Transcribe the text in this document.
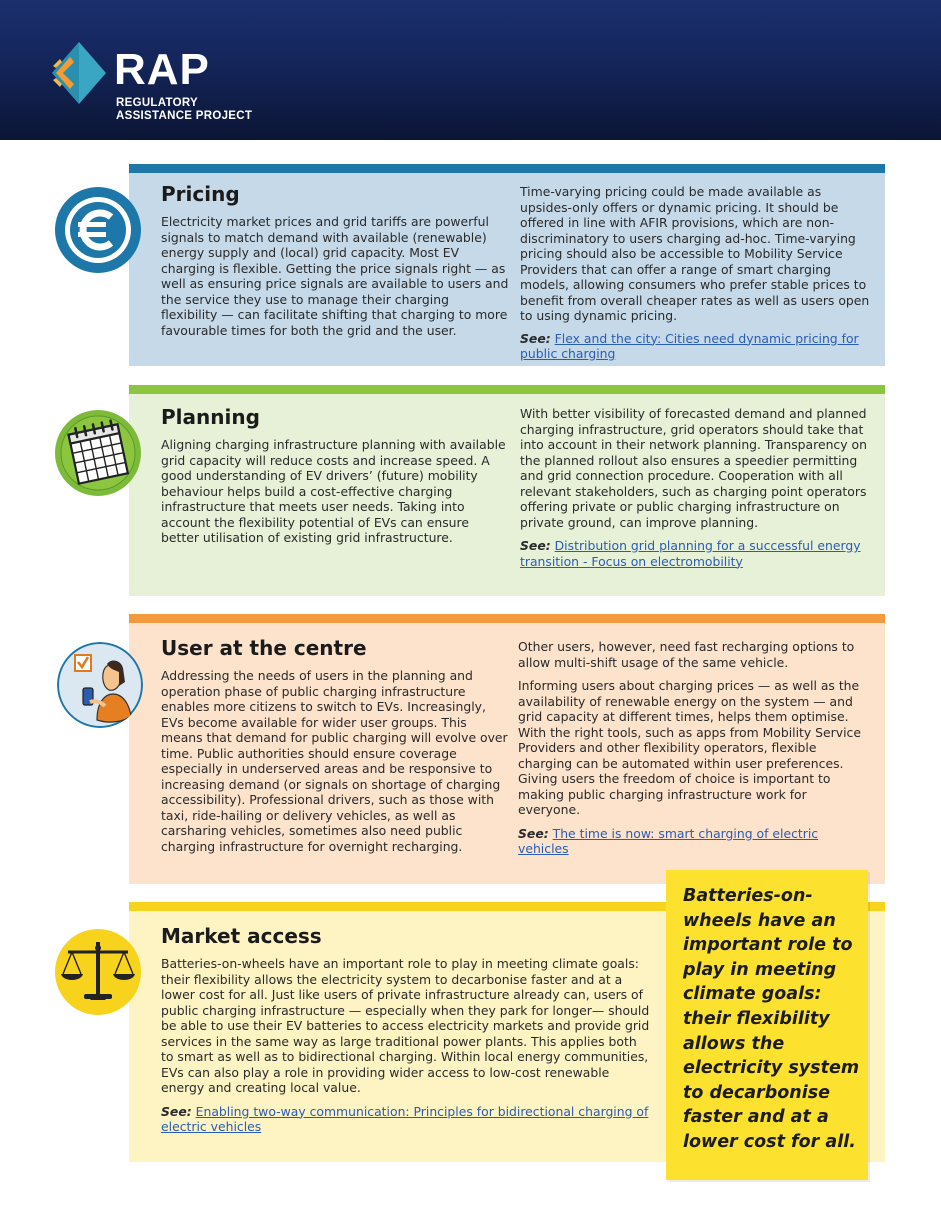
RAP
REGULATORY
ASSISTANCE PROJECT
Pricing

Electricity market prices and grid tariffs are powerful signals to match demand with available (renewable) energy supply and (local) grid capacity. Most EV charging is flexible. Getting the price signals right — as well as ensuring price signals are available to users and the service they use to manage their charging flexibility — can facilitate shifting that charging to more favourable times for both the grid and the user.

Time-varying pricing could be made available as upsides-only offers or dynamic pricing. It should be offered in line with AFIR provisions, which are non-discriminatory to users charging ad-hoc. Time-varying pricing should also be accessible to Mobility Service Providers that can offer a range of smart charging models, allowing consumers who prefer stable prices to benefit from overall cheaper rates as well as users open to using dynamic pricing.

See: Flex and the city: Cities need dynamic pricing for public charging

Planning

Aligning charging infrastructure planning with available grid capacity will reduce costs and increase speed. A good understanding of EV drivers’ (future) mobility behaviour helps build a cost-effective charging infrastructure that meets user needs. Taking into account the flexibility potential of EVs can ensure better utilisation of existing grid infrastructure.

With better visibility of forecasted demand and planned charging infrastructure, grid operators should take that into account in their network planning. Transparency on the planned rollout also ensures a speedier permitting and grid connection procedure. Cooperation with all relevant stakeholders, such as charging point operators offering private or public charging infrastructure on private ground, can improve planning.

See: Distribution grid planning for a successful energy transition - Focus on electromobility

User at the centre

Addressing the needs of users in the planning and operation phase of public charging infrastructure enables more citizens to switch to EVs. Increasingly, EVs become available for wider user groups. This means that demand for public charging will evolve over time. Public authorities should ensure coverage especially in underserved areas and be responsive to increasing demand (or signals on shortage of charging accessibility). Professional drivers, such as those with taxi, ride-hailing or delivery vehicles, as well as carsharing vehicles, sometimes also need public charging infrastructure for overnight recharging.

Other users, however, need fast recharging options to allow multi-shift usage of the same vehicle.

Informing users about charging prices — as well as the availability of renewable energy on the system — and grid capacity at different times, helps them optimise. With the right tools, such as apps from Mobility Service Providers and other flexibility operators, flexible charging can be automated within user preferences. Giving users the freedom of choice is important to making public charging infrastructure work for everyone.

See: The time is now: smart charging of electric vehicles

Market access

Batteries-on-wheels have an important role to play in meeting climate goals: their flexibility allows the electricity system to decarbonise faster and at a lower cost for all. Just like users of private infrastructure already can, users of public charging infrastructure — especially when they park for longer— should be able to use their EV batteries to access electricity markets and provide grid services in the same way as large traditional power plants. This applies both to smart as well as to bidirectional charging. Within local energy communities, EVs can also play a role in providing wider access to low-cost renewable energy and creating local value.

See: Enabling two-way communication: Principles for bidirectional charging of electric vehicles

Batteries-on-wheels have an important role to play in meeting climate goals: their flexibility allows the electricity system to decarbonise faster and at a lower cost for all.
